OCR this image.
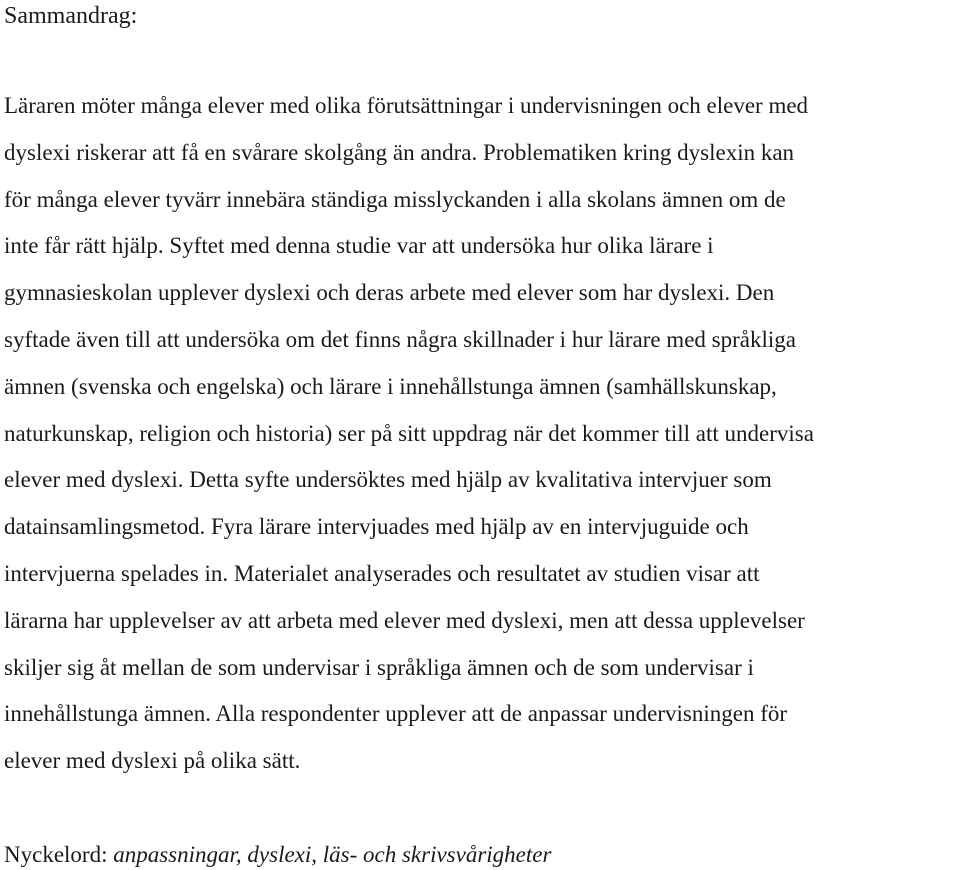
Sammandrag:

Läraren möter många elever med olika förutsättningar i undervisningen och elever med
dyslexi riskerar att få en svårare skolgång än andra. Problematiken kring dyslexin kan
för många elever tyvärr innebära ständiga misslyckanden i alla skolans ämnen om de
inte får rätt hjälp. Syftet med denna studie var att undersöka hur olika lärare i
gymnasieskolan upplever dyslexi och deras arbete med elever som har dyslexi. Den
syftade även till att undersöka om det finns några skillnader i hur lärare med språkliga
ämnen (svenska och engelska) och lärare i innehållstunga ämnen (samhällskunskap,
naturkunskap, religion och historia) ser på sitt uppdrag när det kommer till att undervisa
elever med dyslexi. Detta syfte undersöktes med hjälp av kvalitativa intervjuer som
datainsamlingsmetod. Fyra lärare intervjuades med hjälp av en intervjuguide och
intervjuerna spelades in. Materialet analyserades och resultatet av studien visar att
lärarna har upplevelser av att arbeta med elever med dyslexi, men att dessa upplevelser
skiljer sig åt mellan de som undervisar i språkliga ämnen och de som undervisar i
innehållstunga ämnen. Alla respondenter upplever att de anpassar undervisningen för
elever med dyslexi på olika sätt.

Nyckelord: anpassningar, dyslexi, läs- och skrivsvårigheter
